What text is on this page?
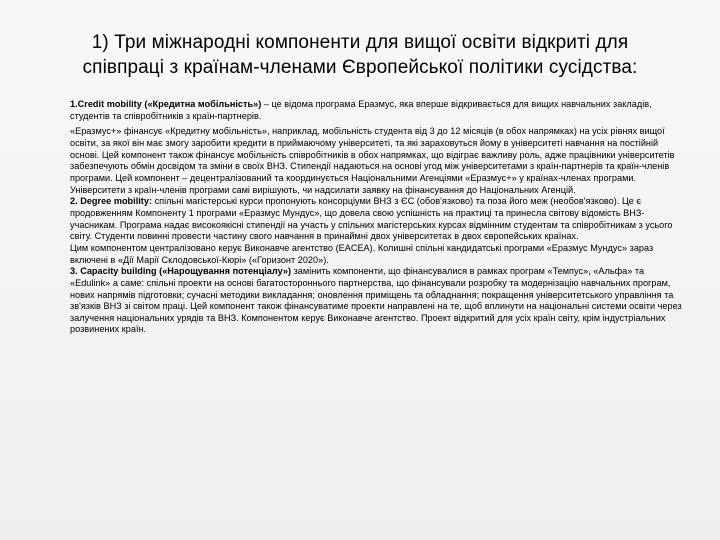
1) Три міжнародні компоненти для вищої освіти відкриті для
співпраці з країнам-членами Європейської політики сусідства:

1.Credit mobility («Кредитна мобільність») – це відома програма Еразмус, яка вперше відкривається для вищих навчальних закладів, студентів та співробітників з країн-партнерів.

«Еразмус+» фінансує «Кредитну мобільність», наприклад, мобільність студента від 3 до 12 місяців (в обох напрямках) на усіх рівнях вищої освіти, за якої він має змогу заробити кредити в приймаючому університеті, та які зараховуться йому в університеті навчання на постійній основі. Цей компонент також фінансує мобільність співробітників в обох напрямках, що відіграє важливу роль, адже працівники університетів забезпечують обмін досвідом та зміни в своїх ВНЗ. Стипендії надаються на основі угод між університетами з країн-партнерів та країн-членів програми. Цей компонент – децентралізований та координується Національними Агенціями «Еразмус+» у країнах-членах програми. Університети з країн-членів програми самі вирішують, чи надсилати заявку на фінансування до Національних Агенцій.

2. Degree mobility: спільні магістерські курси пропонують консорціуми ВНЗ з ЄС (обов'язково) та поза його меж (необов'язково). Це є продовженням Компоненту 1 програми «Еразмус Мундус», що довела свою успішність на практиці та принесла світову відомість ВНЗ-учасникам. Програма надає високоякісні стипендії на участь у спільних магістерських курсах відмінним студентам та співробітникам з усього світу. Студенти повинні провести частину свого навчання в принаймні двох університетах в двох європейських країнах.

Цим компонентом централізовано керує Виконавче агентство (EACEA). Колишні спільні кандидатські програми «Еразмус Мундус» зараз включені в «Дії Марії Склодовської-Кюрі» («Горизонт 2020»).

3. Capacity building («Нарощування потенціалу») замінить компоненти, що фінансувалися в рамках програм «Темпус», «Альфа» та «Edulink» а саме: спільні проекти на основі багатостороннього партнерства, що фінансували розробку та модернізацію навчальних програм, нових напрямів підготовки; сучасні методики викладання; оновлення приміщень та обладнання; покращення університетського управління та зв'язків ВНЗ зі світом праці. Цей компонент також фінансуватиме проекти направлені на те, щоб вплинути на національні системи освіти через залучення національних урядів та ВНЗ. Компонентом керує Виконавче агентство. Проект відкритий для усіх країн світу, крім індустріальних розвинених країн.
